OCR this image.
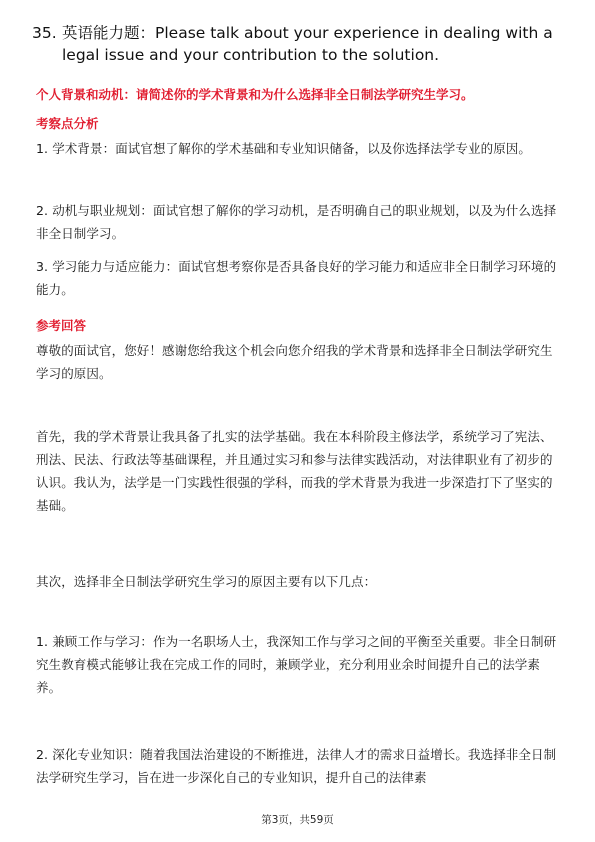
35. 英语能力题：Please talk about your experience in dealing with a
legal issue and your contribution to the solution.
个人背景和动机：请简述你的学术背景和为什么选择非全日制法学研究生学习。
考察点分析
1. 学术背景：面试官想了解你的学术基础和专业知识储备，以及你选择法学专业的原因。
2. 动机与职业规划：面试官想了解你的学习动机，是否明确自己的职业规划，以及为什么选择非全日制学习。
3. 学习能力与适应能力：面试官想考察你是否具备良好的学习能力和适应非全日制学习环境的能力。
参考回答
尊敬的面试官，您好！感谢您给我这个机会向您介绍我的学术背景和选择非全日制法学研究生学习的原因。
首先，我的学术背景让我具备了扎实的法学基础。我在本科阶段主修法学，系统学习了宪法、刑法、民法、行政法等基础课程，并且通过实习和参与法律实践活动，对法律职业有了初步的认识。我认为，法学是一门实践性很强的学科，而我的学术背景为我进一步深造打下了坚实的基础。
其次，选择非全日制法学研究生学习的原因主要有以下几点：
1. 兼顾工作与学习：作为一名职场人士，我深知工作与学习之间的平衡至关重要。非全日制研究生教育模式能够让我在完成工作的同时，兼顾学业，充分利用业余时间提升自己的法学素养。
2. 深化专业知识：随着我国法治建设的不断推进，法律人才的需求日益增长。我选择非全日制法学研究生学习，旨在进一步深化自己的专业知识，提升自己的法律素
第3页，共59页
